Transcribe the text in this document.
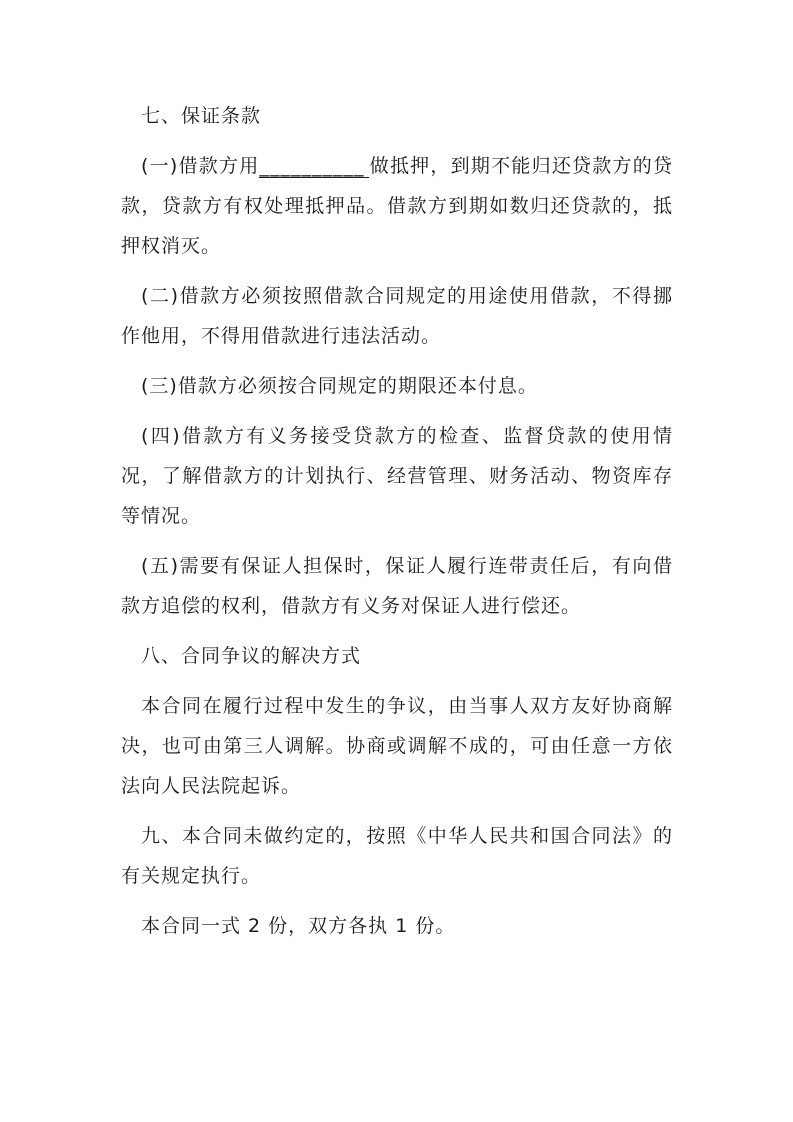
七、保证条款

(一)借款方用__________ 做抵押，到期不能归还贷款方的贷款，贷款方有权处理抵押品。借款方到期如数归还贷款的，抵押权消灭。

(二)借款方必须按照借款合同规定的用途使用借款，不得挪作他用，不得用借款进行违法活动。

(三)借款方必须按合同规定的期限还本付息。

(四)借款方有义务接受贷款方的检查、监督贷款的使用情况，了解借款方的计划执行、经营管理、财务活动、物资库存等情况。

(五)需要有保证人担保时，保证人履行连带责任后，有向借款方追偿的权利，借款方有义务对保证人进行偿还。

八、合同争议的解决方式

本合同在履行过程中发生的争议，由当事人双方友好协商解决，也可由第三人调解。协商或调解不成的，可由任意一方依法向人民法院起诉。

九、本合同未做约定的，按照《中华人民共和国合同法》的有关规定执行。

本合同一式 2 份，双方各执 1 份。
